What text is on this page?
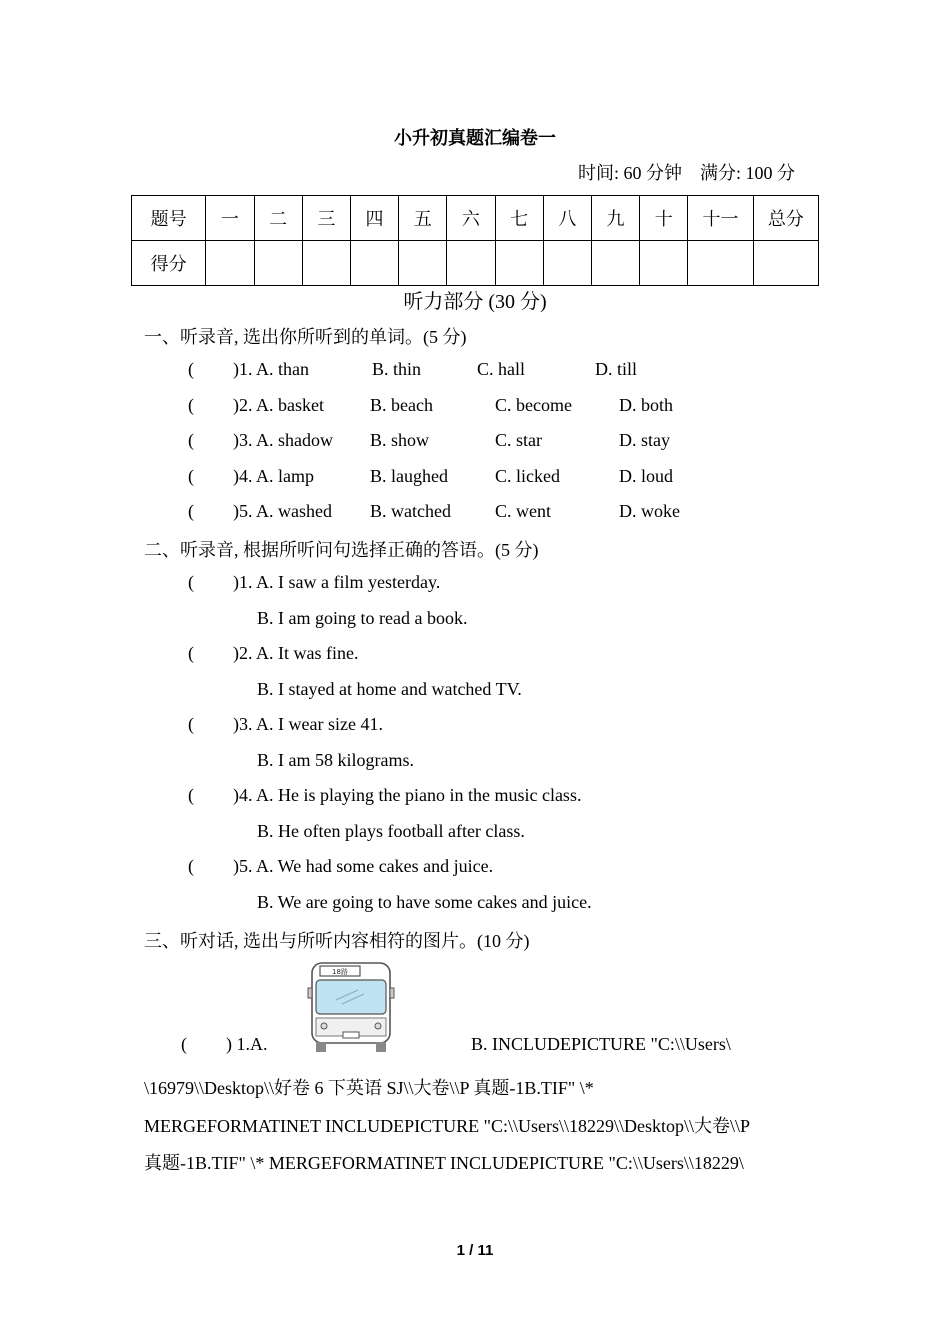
小升初真题汇编卷一
时间: 60 分钟 满分: 100 分
题号	一	二	三	四	五	六	七	八	九	十	十一	总分
得分												
听力部分 (30 分)
一、听录音, 选出你所听到的单词。(5 分)
( )1. A. than	B. thin	C. hall	D. till
( )2. A. basket	B. beach	C. become	D. both
( )3. A. shadow B. show	C. star	D. stay
( )4. A. lamp	B. laughed	C. licked	D. loud
( )5. A. washed B. watched C. went	D. woke
二、听录音, 根据所听问句选择正确的答语。(5 分)
( )1. A. I saw a film yesterday.
B. I am going to read a book.
( )2. A. It was fine.
B. I stayed at home and watched TV.
( )3. A. I wear size 41.
B. I am 58 kilograms.
( )4. A. He is playing the piano in the music class.
B. He often plays football after class.
( )5. A. We had some cakes and juice.
B. We are going to have some cakes and juice.
三、听对话, 选出与所听内容相符的图片。(10 分)
18路
( ) 1.A.	B. INCLUDEPICTURE "C:\\Users\
\16979\\Desktop\\好卷 6 下英语 SJ\\大卷\\P 真题-1B.TIF" \*
MERGEFORMATINET INCLUDEPICTURE "C:\\Users\\18229\\Desktop\\大卷\\P
真题-1B.TIF" \* MERGEFORMATINET INCLUDEPICTURE "C:\\Users\\18229\
1 / 11
